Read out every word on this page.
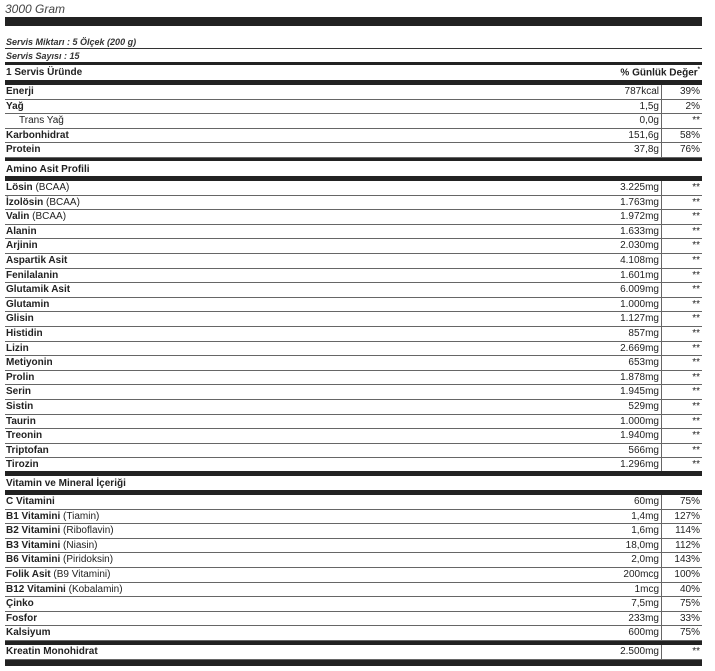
3000 Gram
Servis Miktarı : 5 Ölçek (200 g)
Servis Sayısı : 15
1 Servis Üründe	% Günlük Değer*
Enerji	787kcal	39%
Yağ	1,5g	2%
Trans Yağ	0,0g	**
Karbonhidrat	151,6g	58%
Protein	37,8g	76%
Amino Asit Profili
Lösin (BCAA)	3.225mg	**
İzolösin (BCAA)	1.763mg	**
Valin (BCAA)	1.972mg	**
Alanin	1.633mg	**
Arjinin	2.030mg	**
Aspartik Asit	4.108mg	**
Fenilalanin	1.601mg	**
Glutamik Asit	6.009mg	**
Glutamin	1.000mg	**
Glisin	1.127mg	**
Histidin	857mg	**
Lizin	2.669mg	**
Metiyonin	653mg	**
Prolin	1.878mg	**
Serin	1.945mg	**
Sistin	529mg	**
Taurin	1.000mg	**
Treonin	1.940mg	**
Triptofan	566mg	**
Tirozin	1.296mg	**
Vitamin ve Mineral İçeriği
C Vitamini	60mg	75%
B1 Vitamini (Tiamin)	1,4mg	127%
B2 Vitamini (Riboflavin)	1,6mg	114%
B3 Vitamini (Niasin)	18,0mg	112%
B6 Vitamini (Piridoksin)	2,0mg	143%
Folik Asit (B9 Vitamini)	200mcg	100%
B12 Vitamini (Kobalamin)	1mcg	40%
Çinko	7,5mg	75%
Fosfor	233mg	33%
Kalsiyum	600mg	75%
Kreatin Monohidrat	2.500mg	**
